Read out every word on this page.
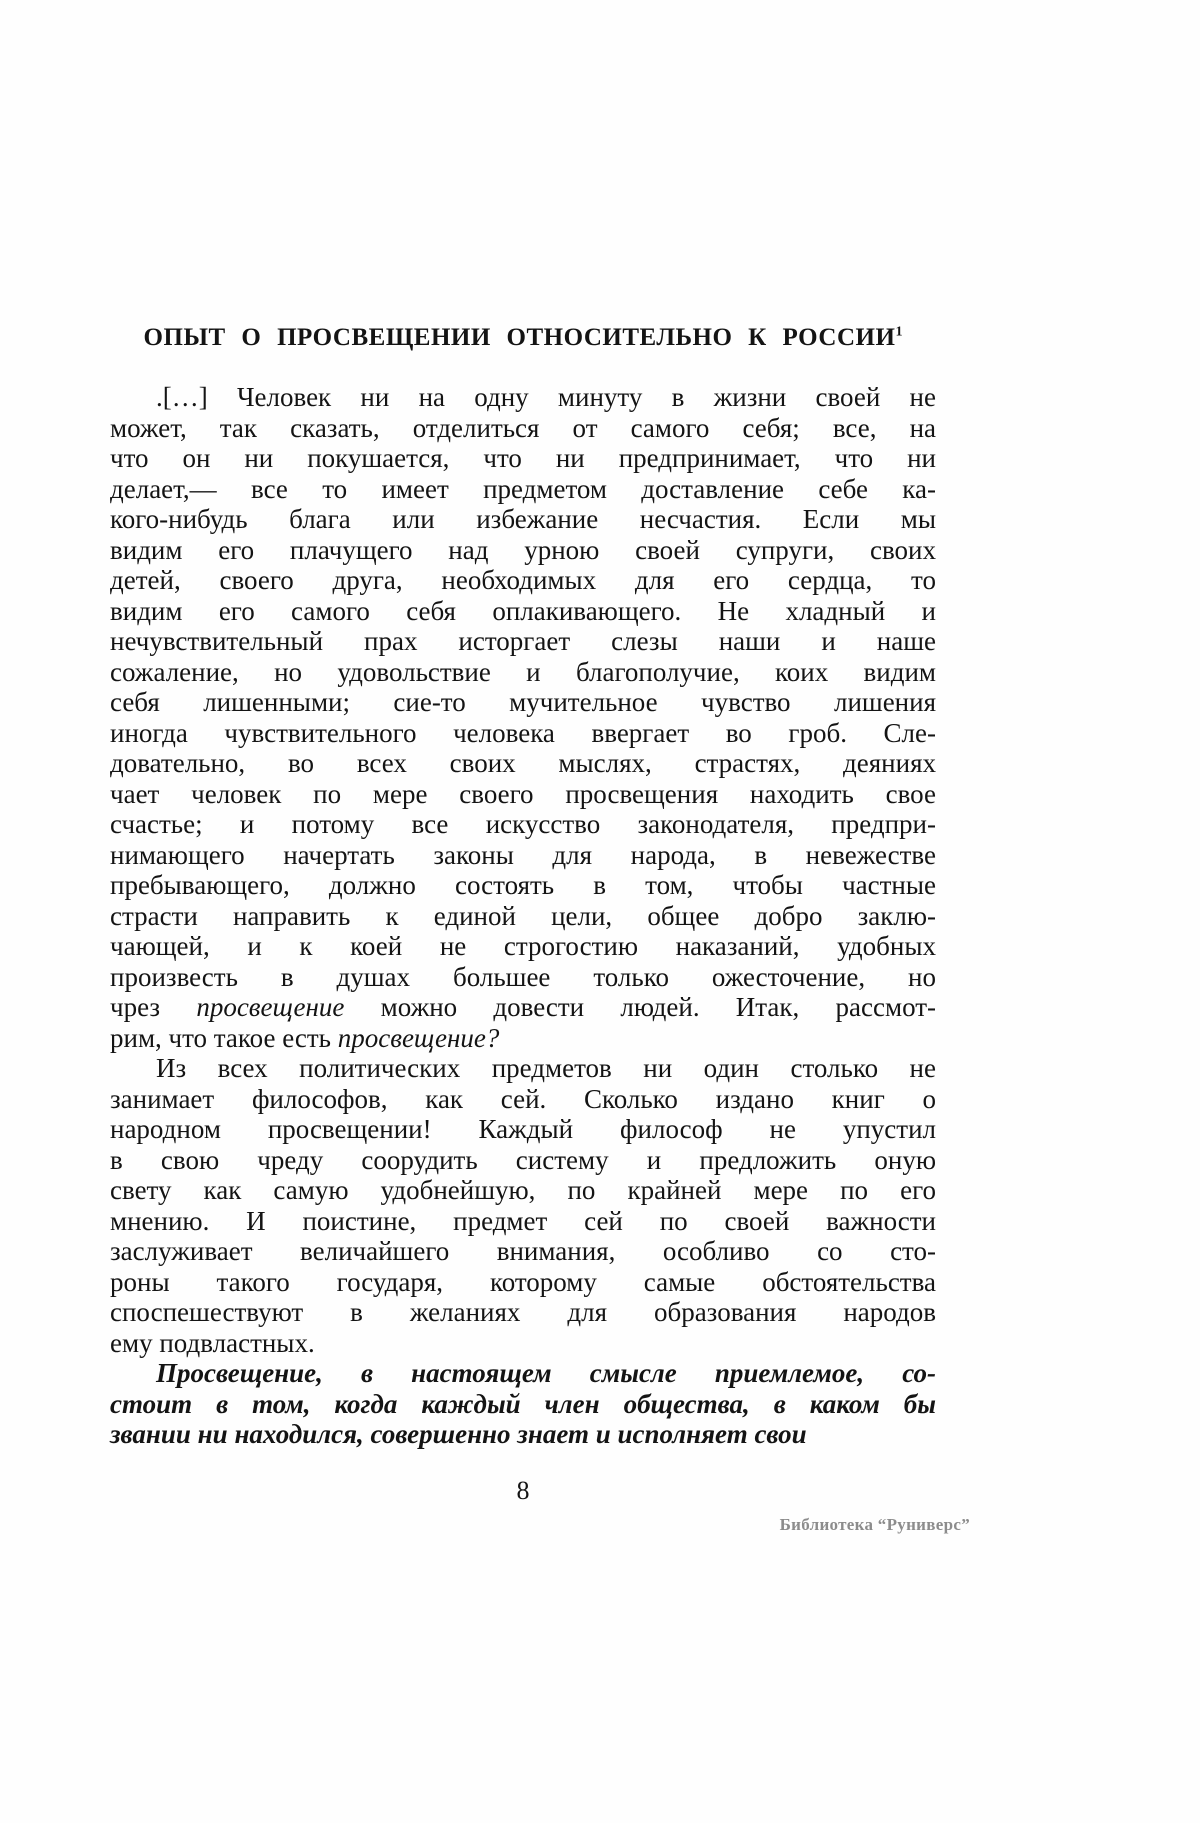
ОПЫТ О ПРОСВЕЩЕНИИ ОТНОСИТЕЛЬНО К РОССИИ$^1$
.[…] Человек ни на одну минуту в жизни своей не
может, так сказать, отделиться от самого себя; все, на
что он ни покушается, что ни предпринимает, что ни
делает,— все то имеет предметом доставление себе ка-
кого-нибудь блага или избежание несчастия. Если мы
видим его плачущего над урною своей супруги, своих
детей, своего друга, необходимых для его сердца, то
видим его самого себя оплакивающего. Не хладный и
нечувствительный прах исторгает слезы наши и наше
сожаление, но удовольствие и благополучие, коих видим
себя лишенными; сие-то мучительное чувство лишения
иногда чувствительного человека ввергает во гроб. Сле-
довательно, во всех своих мыслях, страстях, деяниях
чает человек по мере своего просвещения находить свое
счастье; и потому все искусство законодателя, предпри-
нимающего начертать законы для народа, в невежестве
пребывающего, должно состоять в том, чтобы частные
страсти направить к единой цели, общее добро заклю-
чающей, и к коей не строгостию наказаний, удобных
произвесть в душах большее только ожесточение, но
чрез просвещение можно довести людей. Итак, рассмот-
рим, что такое есть просвещение?
Из всех политических предметов ни один столько не
занимает философов, как сей. Сколько издано книг о
народном просвещении! Каждый философ не упустил
в свою чреду соорудить систему и предложить оную
свету как самую удобнейшую, по крайней мере по его
мнению. И поистине, предмет сей по своей важности
заслуживает величайшего внимания, особливо со сто-
роны такого государя, которому самые обстоятельства
споспешествуют в желаниях для образования народов
ему подвластных.
Просвещение, в настоящем смысле приемлемое, со-
стоит в том, когда каждый член общества, в каком бы
звании ни находился, совершенно знает и исполняет свои
8
Библиотека “Руниверс”
